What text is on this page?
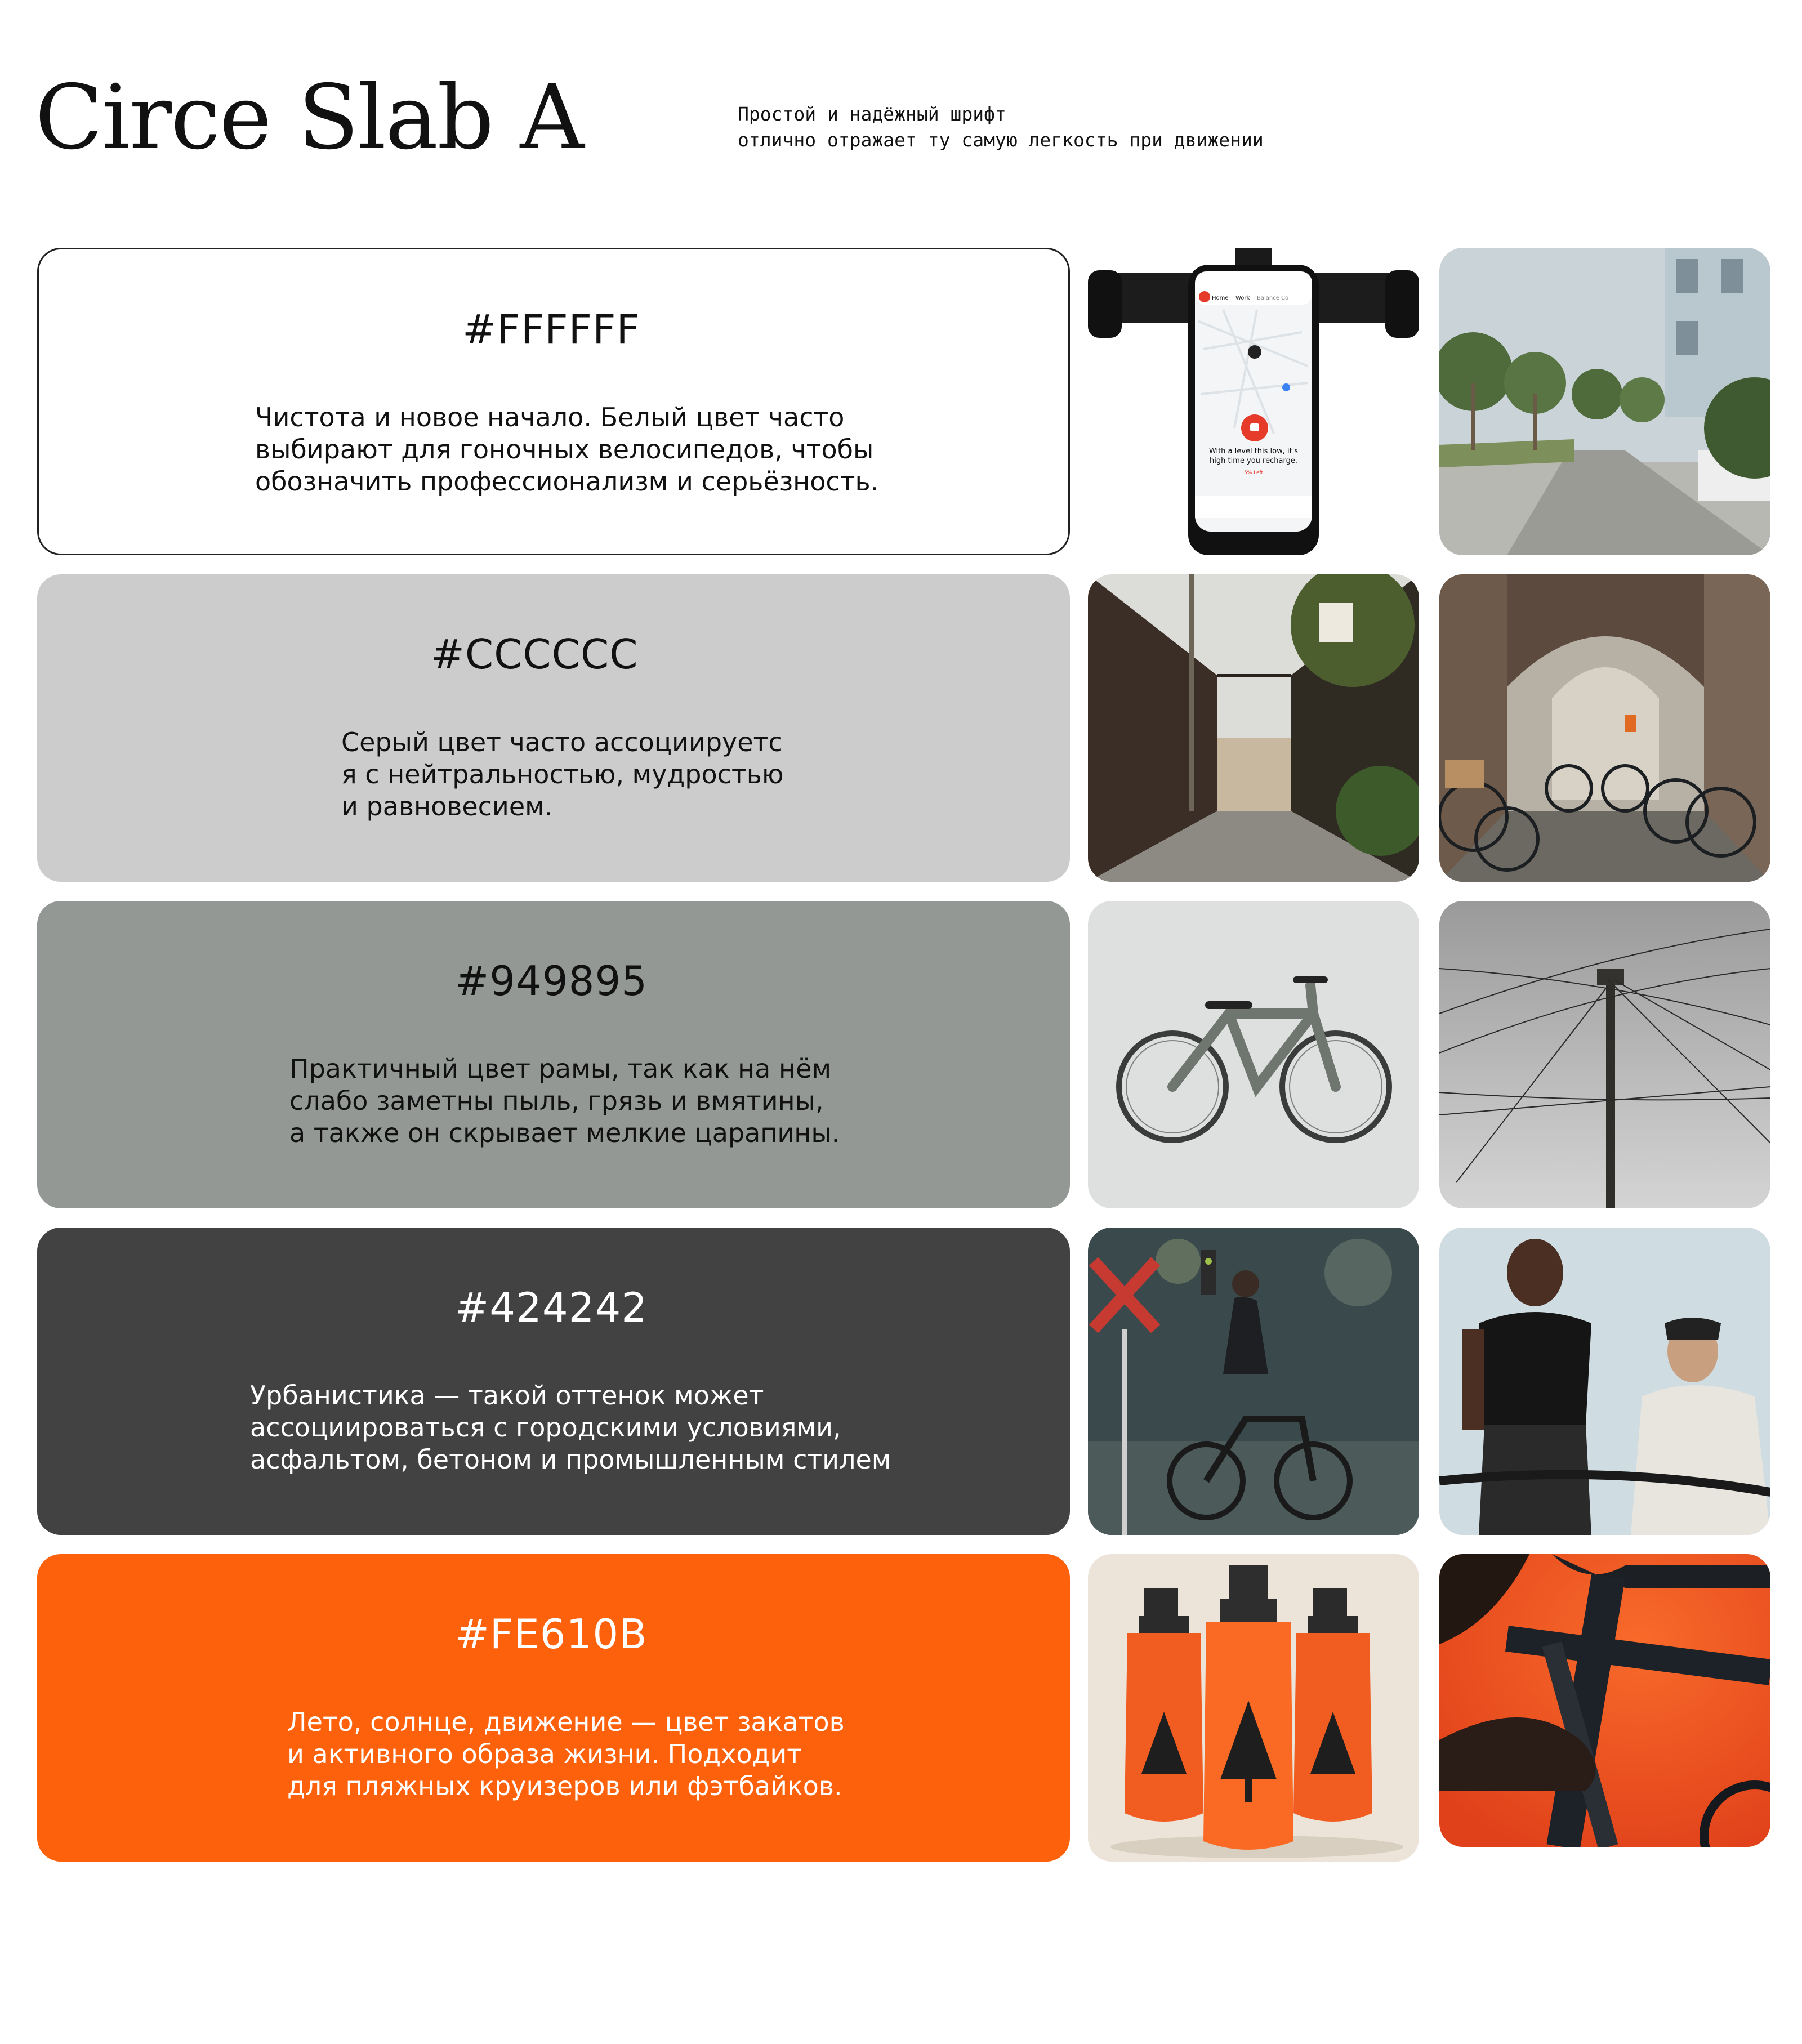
Circe Slab A	Простой и надёжный шрифт
отлично отражает ту самую легкость при движении
#FFFFFF
Чистота и новое начало. Белый цвет часто
выбирают для гоночных велосипедов, чтобы
обозначить профессионализм и серьёзность.
#CCCCCC
Серый цвет часто ассоциируетс
я с нейтральностью, мудростью
и равновесием.
#949895
Практичный цвет рамы, так как на нём
слабо заметны пыль, грязь и вмятины,
а также он скрывает мелкие царапины.
#424242
Урбанистика — такой оттенок может
ассоциироваться с городскими условиями,
асфальтом, бетоном и промышленным стилем
#FE610B
Лето, солнце, движение — цвет закатов
и активного образа жизни. Подходит
для пляжных круизеров или фэтбайков.
Home Work Balance Co
With a level this low, it's
high time you recharge.
5% Left
